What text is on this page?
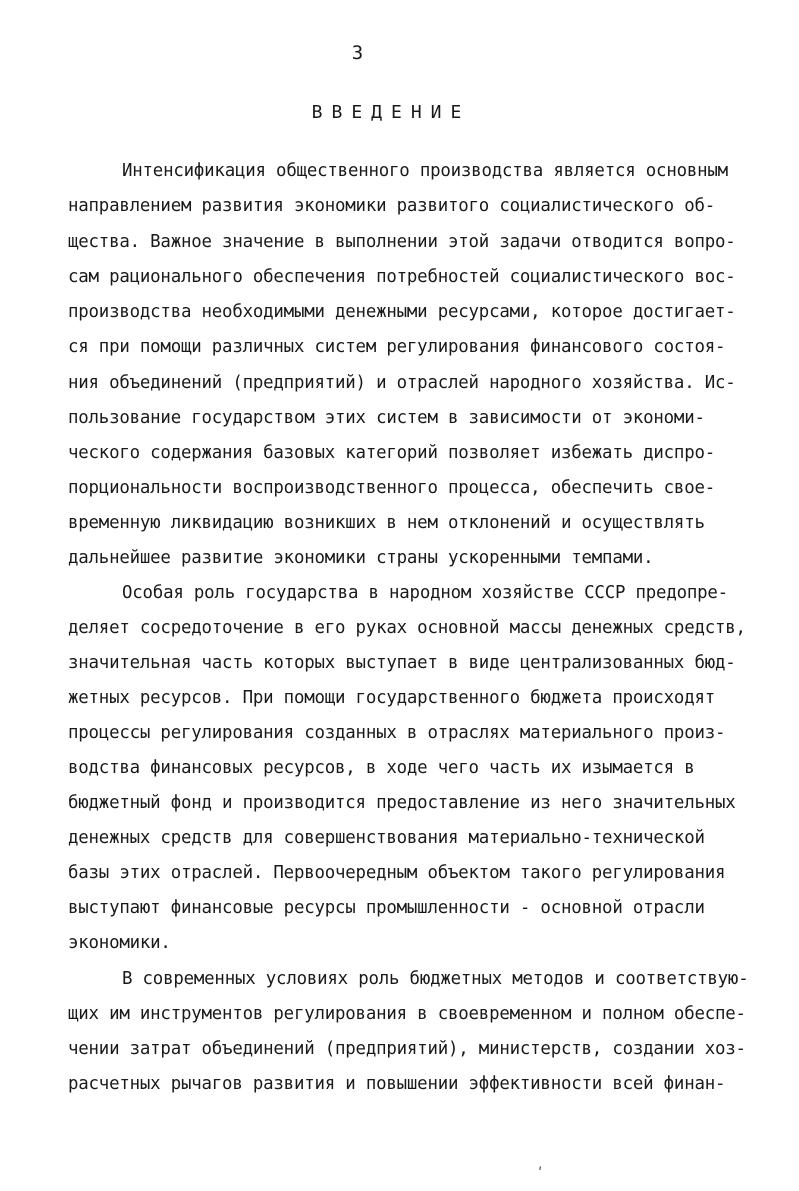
3
ВВЕДЕНИЕ
Интенсификация общественного производства является основным
направлением развития экономики развитого социалистического об-
щества. Важное значение в выполнении этой задачи отводится вопро-
сам рационального обеспечения потребностей социалистического вос-
производства необходимыми денежными ресурсами, которое достигает-
ся при помощи различных систем регулирования финансового состоя-
ния объединений (предприятий) и отраслей народного хозяйства. Ис-
пользование государством этих систем в зависимости от экономи-
ческого содержания базовых категорий позволяет избежать диспро-
порциональности воспроизводственного процесса, обеспечить свое-
временную ликвидацию возникших в нем отклонений и осуществлять
дальнейшее развитие экономики страны ускоренными темпами.
Особая роль государства в народном хозяйстве СССР предопре-
деляет сосредоточение в его руках основной массы денежных средств,
значительная часть которых выступает в виде централизованных бюд-
жетных ресурсов. При помощи государственного бюджета происходят
процессы регулирования созданных в отраслях материального произ-
водства финансовых ресурсов, в ходе чего часть их изымается в
бюджетный фонд и производится предоставление из него значительных
денежных средств для совершенствования материально-технической
базы этих отраслей. Первоочередным объектом такого регулирования
выступают финансовые ресурсы промышленности - основной отрасли
экономики.
В современных условиях роль бюджетных методов и соответствую-
щих им инструментов регулирования в своевременном и полном обеспе-
чении затрат объединений (предприятий), министерств, создании хоз-
расчетных рычагов развития и повышении эффективности всей финан-
ʹ
